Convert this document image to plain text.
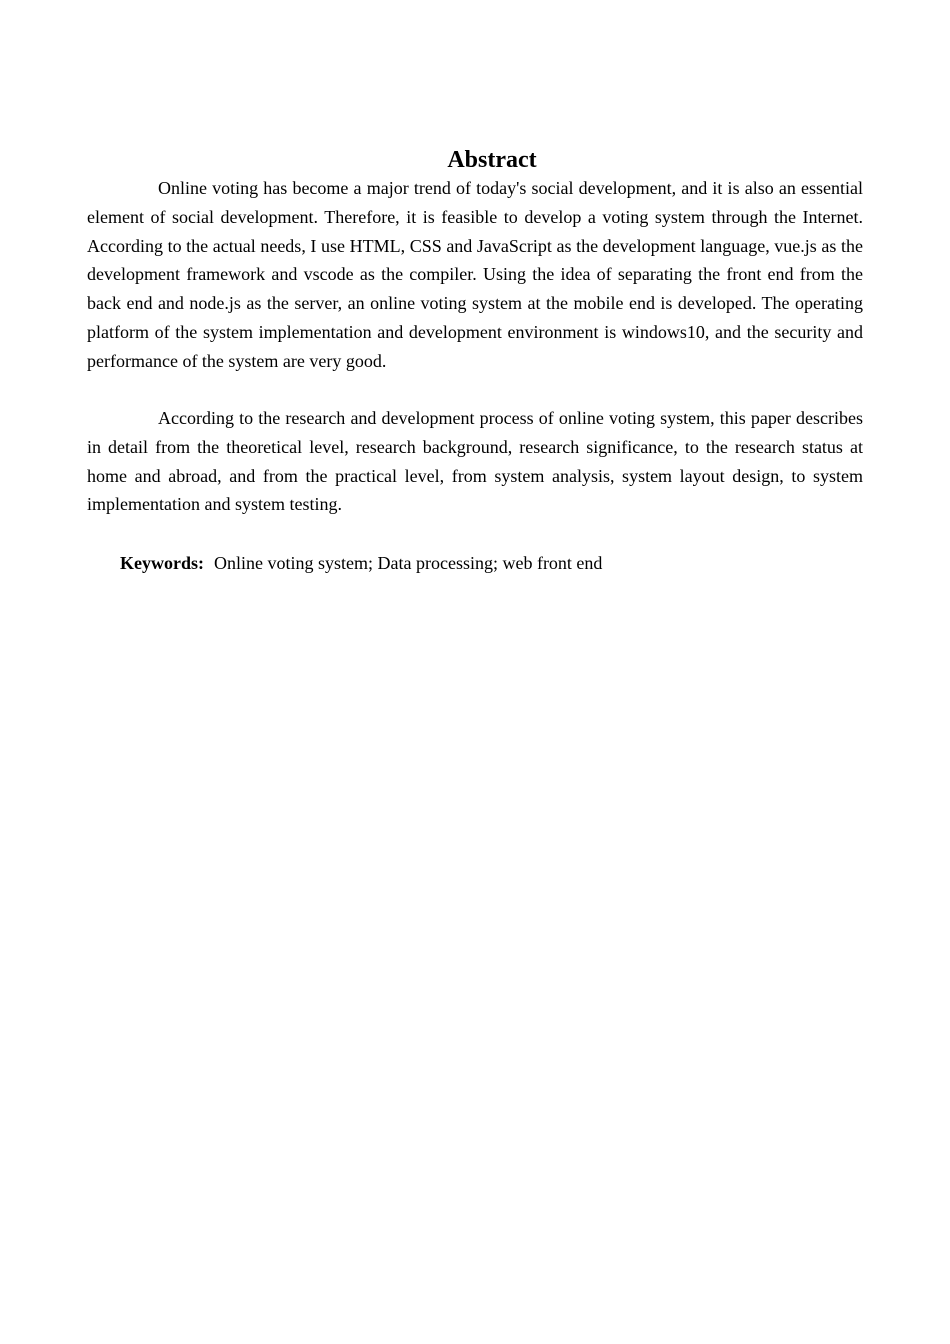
Abstract

Online voting has become a major trend of today's social development, and it is also an essential element of social development. Therefore, it is feasible to develop a voting system through the Internet. According to the actual needs, I use HTML, CSS and JavaScript as the development language, vue.js as the development framework and vscode as the compiler. Using the idea of separating the front end from the back end and node.js as the server, an online voting system at the mobile end is developed. The operating platform of the system implementation and development environment is windows10, and the security and performance of the system are very good.

According to the research and development process of online voting system, this paper describes in detail from the theoretical level, research background, research significance, to the research status at home and abroad, and from the practical level, from system analysis, system layout design, to system implementation and system testing.

Keywords: Online voting system; Data processing; web front end
